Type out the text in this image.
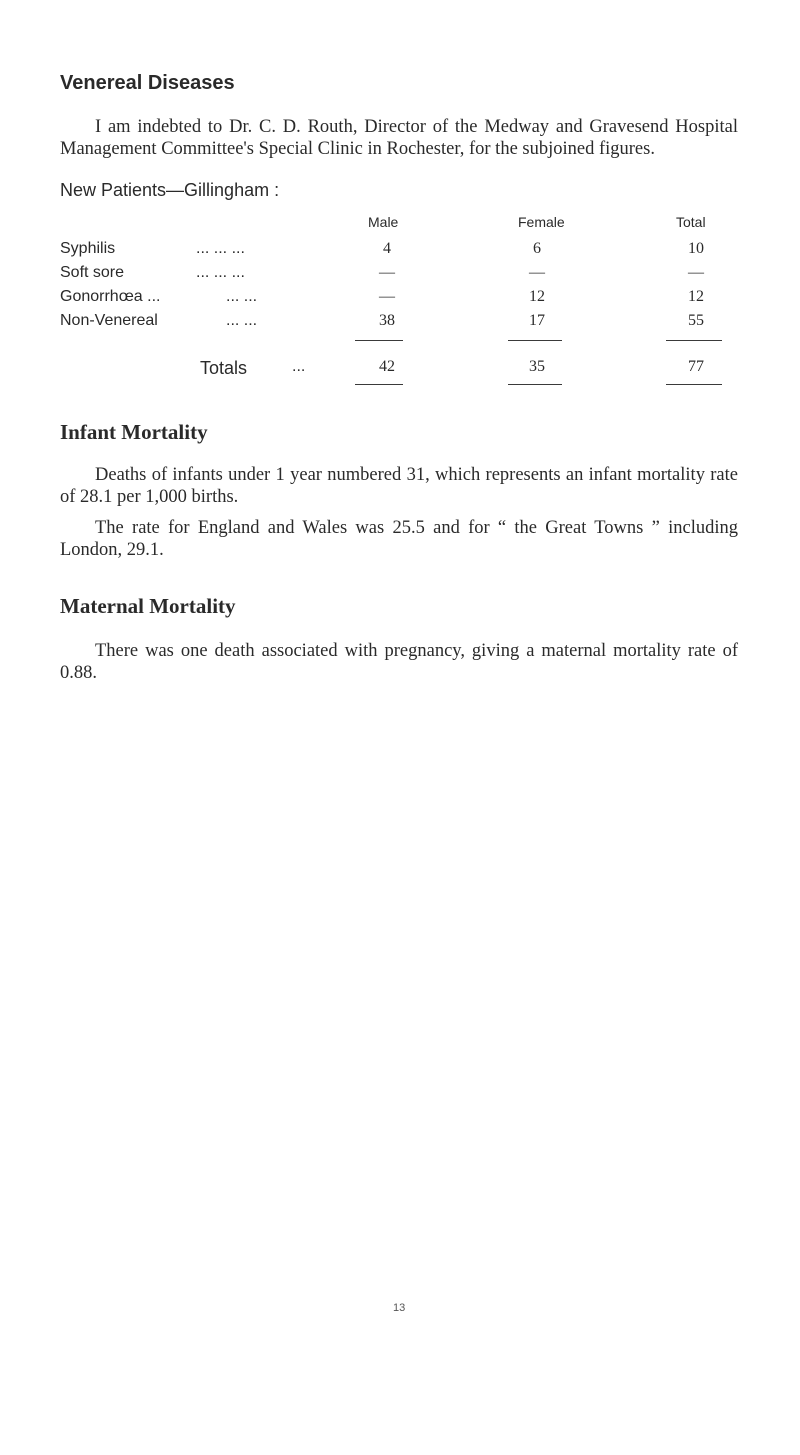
Venereal Diseases

I am indebted to Dr. C. D. Routh, Director of the Medway and Gravesend Hospital Management Committee's Special Clinic in Rochester, for the subjoined figures.

New Patients—Gillingham :
Male	Female	Total
Syphilis	... ... ...	4	6	10
Soft sore	... ... ...	—	—	—
Gonorrhœa ...	... ...	—	12	12
Non-Venereal	... ...	38	17	55
Totals	...	42	35	77
Infant Mortality

Deaths of infants under 1 year numbered 31, which represents an infant mortality rate of 28.1 per 1,000 births.

The rate for England and Wales was 25.5 and for “ the Great Towns ” including London, 29.1.

Maternal Mortality

There was one death associated with pregnancy, giving a maternal mortality rate of 0.88.

13
